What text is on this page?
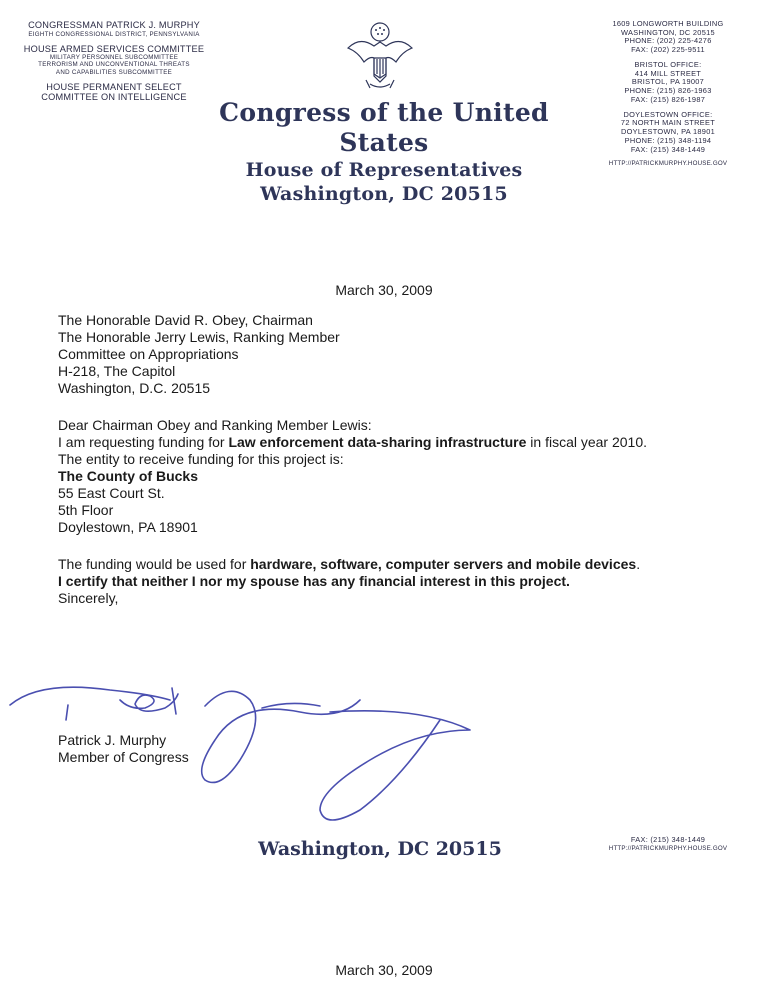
CONGRESSMAN PATRICK J. MURPHY
EIGHTH CONGRESSIONAL DISTRICT, PENNSYLVANIA
HOUSE ARMED SERVICES COMMITTEE
MILITARY PERSONNEL SUBCOMMITTEE
TERRORISM AND UNCONVENTIONAL THREATS
AND CAPABILITIES SUBCOMMITTEE
HOUSE PERMANENT SELECT
COMMITTEE ON INTELLIGENCE
Congress of the United States
House of Representatives
Washington, DC 20515
1609 LONGWORTH BUILDING
WASHINGTON, DC 20515
PHONE: (202) 225-4276
FAX: (202) 225-9511
BRISTOL OFFICE:
414 MILL STREET
BRISTOL, PA 19007
PHONE: (215) 826-1963
FAX: (215) 826-1987
DOYLESTOWN OFFICE:
72 NORTH MAIN STREET
DOYLESTOWN, PA 18901
PHONE: (215) 348-1194
FAX: (215) 348-1449
HTTP://PATRICKMURPHY.HOUSE.GOV
March 30, 2009

The Honorable David R. Obey, Chairman

The Honorable Jerry Lewis, Ranking Member

Committee on Appropriations

H-218, The Capitol

Washington, D.C. 20515

Dear Chairman Obey and Ranking Member Lewis:

I am requesting funding for Law enforcement data-sharing infrastructure in fiscal year 2010.

The entity to receive funding for this project is:

The County of Bucks

55 East Court St.

5th Floor

Doylestown, PA 18901

The funding would be used for hardware, software, computer servers and mobile devices.

I certify that neither I nor my spouse has any financial interest in this project.

Sincerely,

Patrick J. Murphy
Member of Congress
Washington, DC 20515	FAX: (215) 348-1449
HTTP://PATRICKMURPHY.HOUSE.GOV
March 30, 2009
